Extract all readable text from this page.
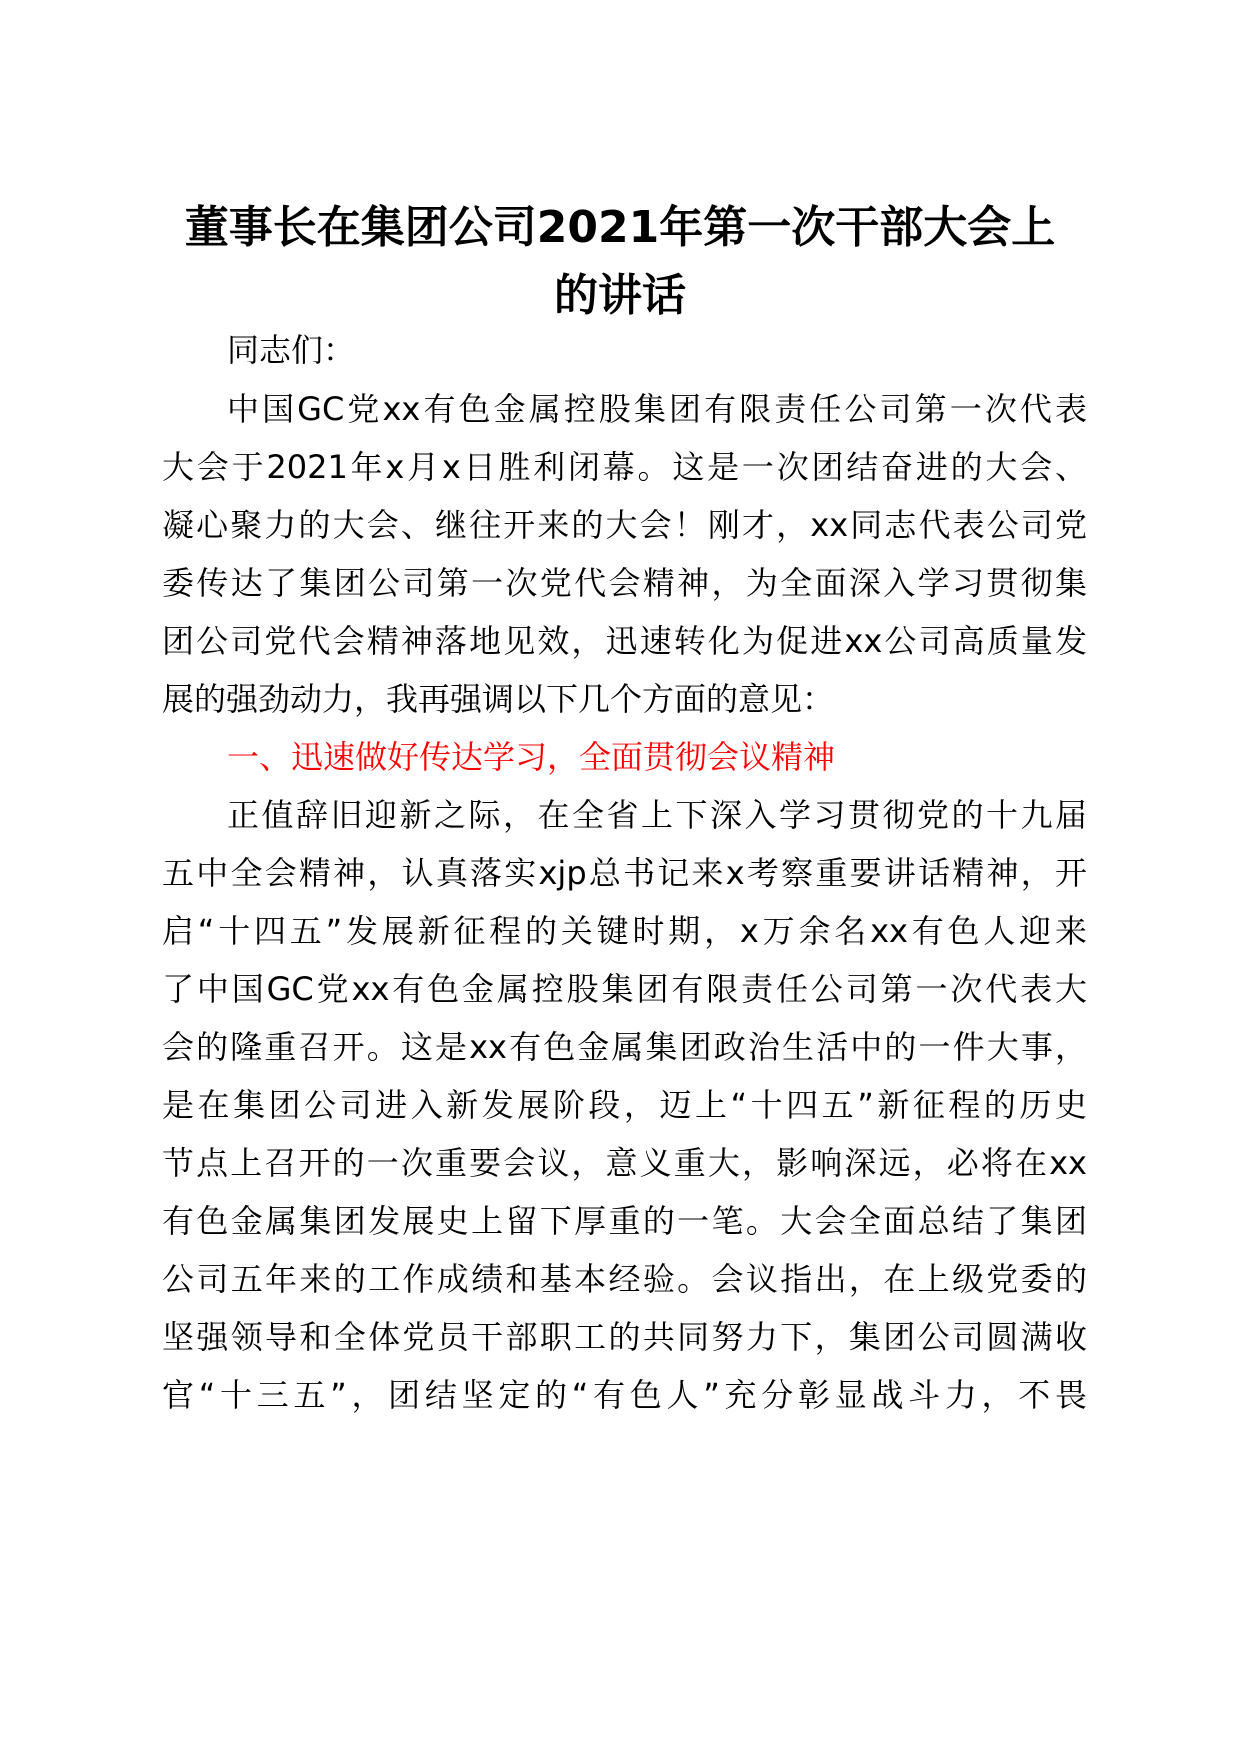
董事长在集团公司2021年第一次干部大会上
的讲话

同志们：

中国GC党xx有色金属控股集团有限责任公司第一次代表

大会于2021年x月x日胜利闭幕。这是一次团结奋进的大会、

凝心聚力的大会、继往开来的大会！刚才，xx同志代表公司党

委传达了集团公司第一次党代会精神，为全面深入学习贯彻集

团公司党代会精神落地见效，迅速转化为促进xx公司高质量发

展的强劲动力，我再强调以下几个方面的意见：

一、迅速做好传达学习，全面贯彻会议精神

正值辞旧迎新之际，在全省上下深入学习贯彻党的十九届

五中全会精神，认真落实xjp总书记来x考察重要讲话精神，开

启“十四五”发展新征程的关键时期，x万余名xx有色人迎来

了中国GC党xx有色金属控股集团有限责任公司第一次代表大

会的隆重召开。这是xx有色金属集团政治生活中的一件大事，

是在集团公司进入新发展阶段，迈上“十四五”新征程的历史

节点上召开的一次重要会议，意义重大，影响深远，必将在xx

有色金属集团发展史上留下厚重的一笔。大会全面总结了集团

公司五年来的工作成绩和基本经验。会议指出，在上级党委的

坚强领导和全体党员干部职工的共同努力下，集团公司圆满收

官“十三五”，团结坚定的“有色人”充分彰显战斗力，不畏
